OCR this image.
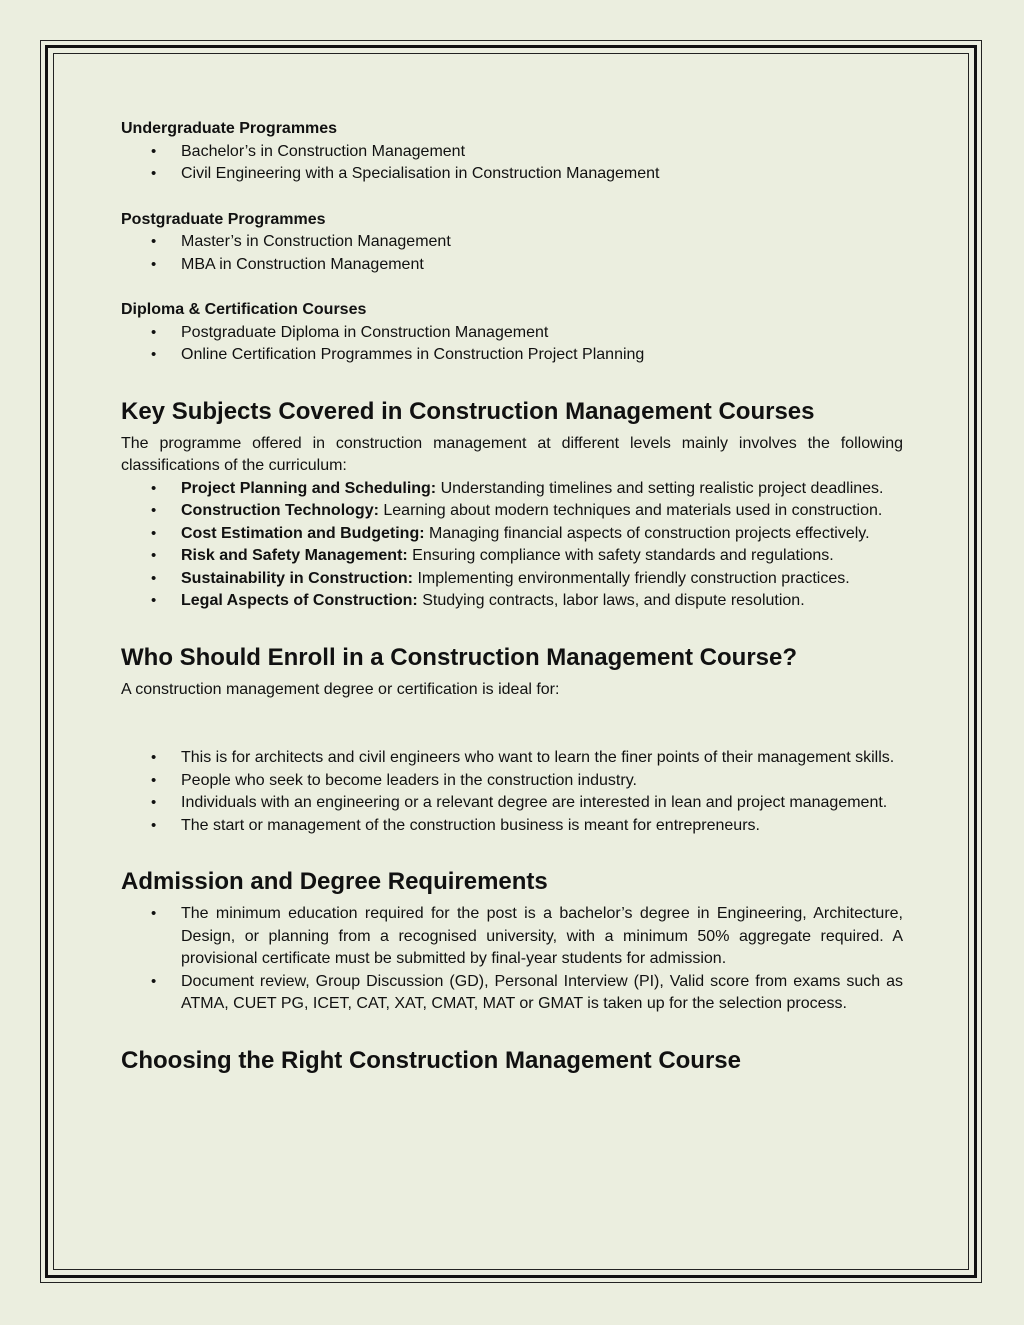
Undergraduate Programmes

• Bachelor’s in Construction Management
• Civil Engineering with a Specialisation in Construction Management

Postgraduate Programmes

• Master’s in Construction Management
• MBA in Construction Management

Diploma & Certification Courses

• Postgraduate Diploma in Construction Management
• Online Certification Programmes in Construction Project Planning
Key Subjects Covered in Construction Management Courses

The programme offered in construction management at different levels mainly involves the following classifications of the curriculum:

• Project Planning and Scheduling: Understanding timelines and setting realistic project deadlines.
• Construction Technology: Learning about modern techniques and materials used in construction.
• Cost Estimation and Budgeting: Managing financial aspects of construction projects effectively.
• Risk and Safety Management: Ensuring compliance with safety standards and regulations.
• Sustainability in Construction: Implementing environmentally friendly construction practices.
• Legal Aspects of Construction: Studying contracts, labor laws, and dispute resolution.
Who Should Enroll in a Construction Management Course?

A construction management degree or certification is ideal for:

• This is for architects and civil engineers who want to learn the finer points of their management skills.
• People who seek to become leaders in the construction industry.
• Individuals with an engineering or a relevant degree are interested in lean and project management.
• The start or management of the construction business is meant for entrepreneurs.
Admission and Degree Requirements
• The minimum education required for the post is a bachelor’s degree in Engineering, Architecture, Design, or planning from a recognised university, with a minimum 50% aggregate required. A provisional certificate must be submitted by final-year students for admission.
• Document review, Group Discussion (GD), Personal Interview (PI), Valid score from exams such as ATMA, CUET PG, ICET, CAT, XAT, CMAT, MAT or GMAT is taken up for the selection process.
Choosing the Right Construction Management Course
